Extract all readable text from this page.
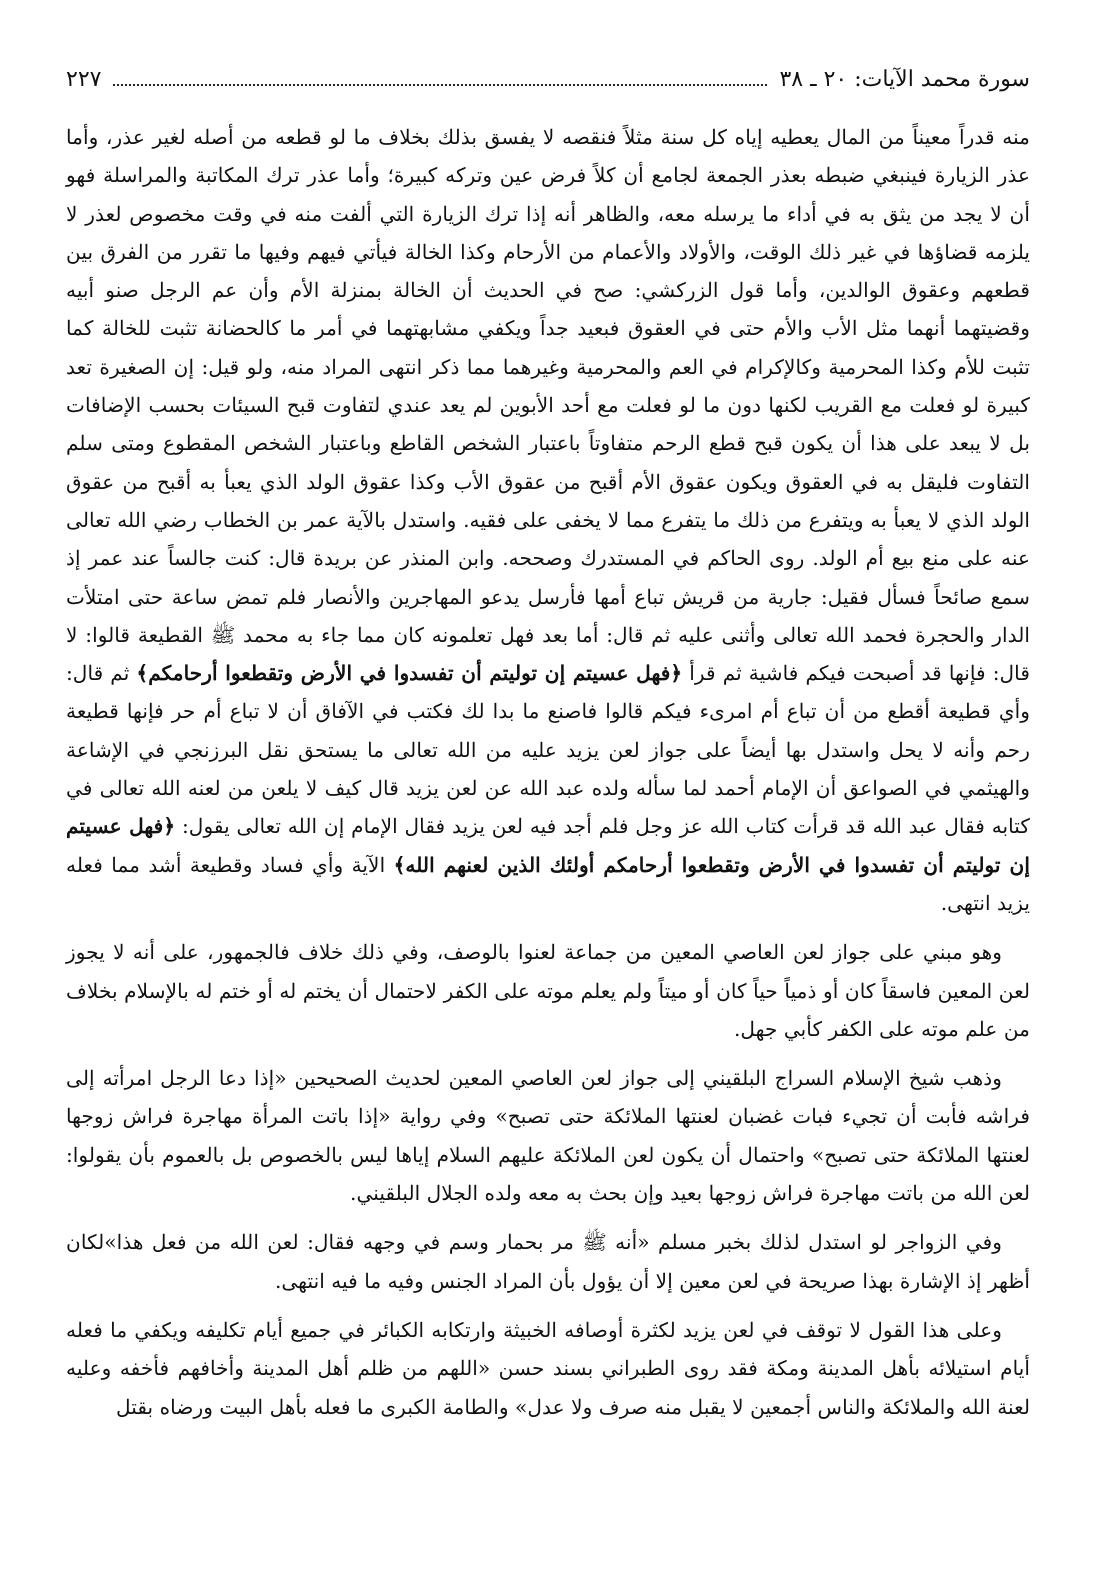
سورة محمد الآيات: ٢٠ ـ ٣٨
٢٢٧

منه قدراً معيناً من المال يعطيه إياه كل سنة مثلاً فنقصه لا يفسق بذلك بخلاف ما لو قطعه من أصله لغير عذر، وأما عذر الزيارة فينبغي ضبطه بعذر الجمعة لجامع أن كلاً فرض عين وتركه كبيرة؛ وأما عذر ترك المكاتبة والمراسلة فهو أن لا يجد من يثق به في أداء ما يرسله معه، والظاهر أنه إذا ترك الزيارة التي ألفت منه في وقت مخصوص لعذر لا يلزمه قضاؤها في غير ذلك الوقت، والأولاد والأعمام من الأرحام وكذا الخالة فيأتي فيهم وفيها ما تقرر من الفرق بين قطعهم وعقوق الوالدين، وأما قول الزركشي: صح في الحديث أن الخالة بمنزلة الأم وأن عم الرجل صنو أبيه وقضيتهما أنهما مثل الأب والأم حتى في العقوق فبعيد جداً ويكفي مشابهتهما في أمر ما كالحضانة تثبت للخالة كما تثبت للأم وكذا المحرمية وكالإكرام في العم والمحرمية وغيرهما مما ذكر انتهى المراد منه، ولو قيل: إن الصغيرة تعد كبيرة لو فعلت مع القريب لكنها دون ما لو فعلت مع أحد الأبوين لم يعد عندي لتفاوت قبح السيئات بحسب الإضافات بل لا يبعد على هذا أن يكون قبح قطع الرحم متفاوتاً باعتبار الشخص القاطع وباعتبار الشخص المقطوع ومتى سلم التفاوت فليقل به في العقوق ويكون عقوق الأم أقبح من عقوق الأب وكذا عقوق الولد الذي يعبأ به أقبح من عقوق الولد الذي لا يعبأ به ويتفرع من ذلك ما يتفرع مما لا يخفى على فقيه. واستدل بالآية عمر بن الخطاب رضي الله تعالى عنه على منع بيع أم الولد. روى الحاكم في المستدرك وصححه. وابن المنذر عن بريدة قال: كنت جالساً عند عمر إذ سمع صائحاً فسأل فقيل: جارية من قريش تباع أمها فأرسل يدعو المهاجرين والأنصار فلم تمض ساعة حتى امتلأت الدار والحجرة فحمد الله تعالى وأثنى عليه ثم قال: أما بعد فهل تعلمونه كان مما جاء به محمد ﷺ القطيعة قالوا: لا قال: فإنها قد أصبحت فيكم فاشية ثم قرأ ﴿فهل عسيتم إن توليتم أن تفسدوا في الأرض وتقطعوا أرحامكم﴾ ثم قال: وأي قطيعة أقطع من أن تباع أم امرىء فيكم قالوا فاصنع ما بدا لك فكتب في الآفاق أن لا تباع أم حر فإنها قطيعة رحم وأنه لا يحل واستدل بها أيضاً على جواز لعن يزيد عليه من الله تعالى ما يستحق نقل البرزنجي في الإشاعة والهيثمي في الصواعق أن الإمام أحمد لما سأله ولده عبد الله عن لعن يزيد قال كيف لا يلعن من لعنه الله تعالى في كتابه فقال عبد الله قد قرأت كتاب الله عز وجل فلم أجد فيه لعن يزيد فقال الإمام إن الله تعالى يقول: ﴿فهل عسيتم إن توليتم أن تفسدوا في الأرض وتقطعوا أرحامكم أولئك الذين لعنهم الله﴾ الآية وأي فساد وقطيعة أشد مما فعله يزيد انتهى.

وهو مبني على جواز لعن العاصي المعين من جماعة لعنوا بالوصف، وفي ذلك خلاف فالجمهور، على أنه لا يجوز لعن المعين فاسقاً كان أو ذمياً حياً كان أو ميتاً ولم يعلم موته على الكفر لاحتمال أن يختم له أو ختم له بالإسلام بخلاف من علم موته على الكفر كأبي جهل.

وذهب شيخ الإسلام السراج البلقيني إلى جواز لعن العاصي المعين لحديث الصحيحين «إذا دعا الرجل امرأته إلى فراشه فأبت أن تجيء فبات غضبان لعنتها الملائكة حتى تصبح» وفي رواية «إذا باتت المرأة مهاجرة فراش زوجها لعنتها الملائكة حتى تصبح» واحتمال أن يكون لعن الملائكة عليهم السلام إياها ليس بالخصوص بل بالعموم بأن يقولوا: لعن الله من باتت مهاجرة فراش زوجها بعيد وإن بحث به معه ولده الجلال البلقيني.

وفي الزواجر لو استدل لذلك بخبر مسلم «أنه ﷺ مر بحمار وسم في وجهه فقال: لعن الله من فعل هذا»لكان أظهر إذ الإشارة بهذا صريحة في لعن معين إلا أن يؤول بأن المراد الجنس وفيه ما فيه انتهى.

وعلى هذا القول لا توقف في لعن يزيد لكثرة أوصافه الخبيثة وارتكابه الكبائر في جميع أيام تكليفه ويكفي ما فعله أيام استيلائه بأهل المدينة ومكة فقد روى الطبراني بسند حسن «اللهم من ظلم أهل المدينة وأخافهم فأخفه وعليه لعنة الله والملائكة والناس أجمعين لا يقبل منه صرف ولا عدل» والطامة الكبرى ما فعله بأهل البيت ورضاه بقتل
